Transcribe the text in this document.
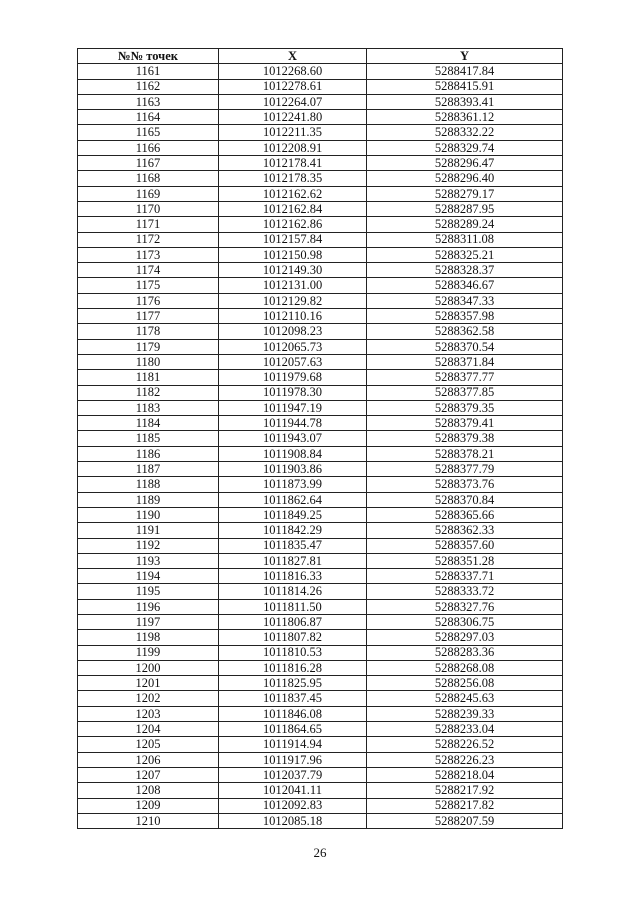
№№ точек	X	Y
1161	1012268.60	5288417.84
1162	1012278.61	5288415.91
1163	1012264.07	5288393.41
1164	1012241.80	5288361.12
1165	1012211.35	5288332.22
1166	1012208.91	5288329.74
1167	1012178.41	5288296.47
1168	1012178.35	5288296.40
1169	1012162.62	5288279.17
1170	1012162.84	5288287.95
1171	1012162.86	5288289.24
1172	1012157.84	5288311.08
1173	1012150.98	5288325.21
1174	1012149.30	5288328.37
1175	1012131.00	5288346.67
1176	1012129.82	5288347.33
1177	1012110.16	5288357.98
1178	1012098.23	5288362.58
1179	1012065.73	5288370.54
1180	1012057.63	5288371.84
1181	1011979.68	5288377.77
1182	1011978.30	5288377.85
1183	1011947.19	5288379.35
1184	1011944.78	5288379.41
1185	1011943.07	5288379.38
1186	1011908.84	5288378.21
1187	1011903.86	5288377.79
1188	1011873.99	5288373.76
1189	1011862.64	5288370.84
1190	1011849.25	5288365.66
1191	1011842.29	5288362.33
1192	1011835.47	5288357.60
1193	1011827.81	5288351.28
1194	1011816.33	5288337.71
1195	1011814.26	5288333.72
1196	1011811.50	5288327.76
1197	1011806.87	5288306.75
1198	1011807.82	5288297.03
1199	1011810.53	5288283.36
1200	1011816.28	5288268.08
1201	1011825.95	5288256.08
1202	1011837.45	5288245.63
1203	1011846.08	5288239.33
1204	1011864.65	5288233.04
1205	1011914.94	5288226.52
1206	1011917.96	5288226.23
1207	1012037.79	5288218.04
1208	1012041.11	5288217.92
1209	1012092.83	5288217.82
1210	1012085.18	5288207.59
26
